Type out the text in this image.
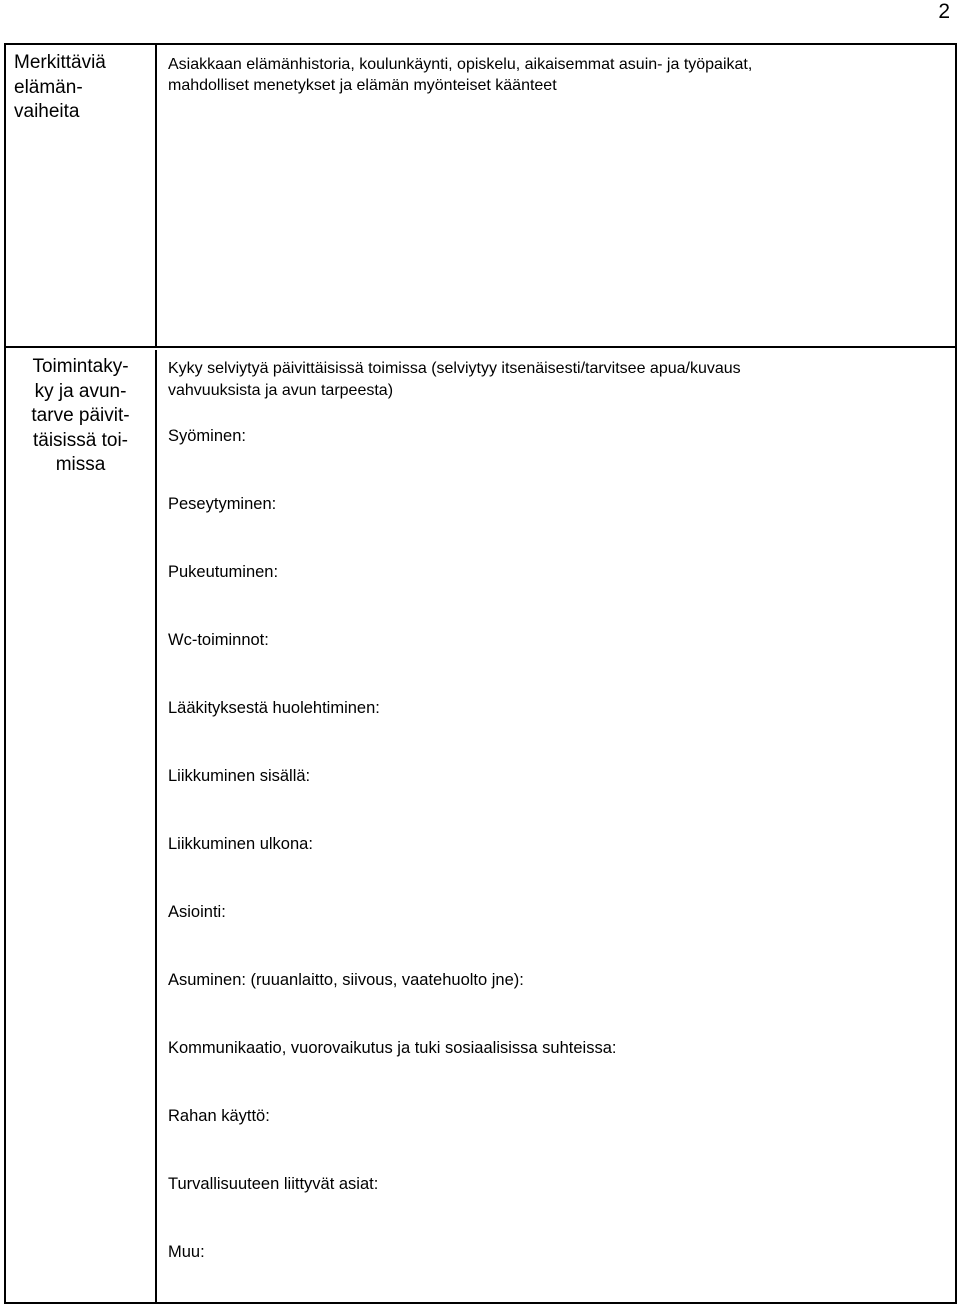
2
Merkittäviä
elämän-
vaiheita

Asiakkaan elämänhistoria, koulunkäynti, opiskelu, aikaisemmat asuin- ja työpaikat,

mahdolliset menetykset ja elämän myönteiset käänteet

Toimintaky-
ky ja avun-
tarve päivit-
täisissä toi-
missa

Kyky selviytyä päivittäisissä toimissa (selviytyy itsenäisesti/tarvitsee apua/kuvaus

vahvuuksista ja avun tarpeesta)

Syöminen:

Peseytyminen:

Pukeutuminen:

Wc-toiminnot:

Lääkityksestä huolehtiminen:

Liikkuminen sisällä:

Liikkuminen ulkona:

Asiointi:

Asuminen: (ruuanlaitto, siivous, vaatehuolto jne):

Kommunikaatio, vuorovaikutus ja tuki sosiaalisissa suhteissa:

Rahan käyttö:

Turvallisuuteen liittyvät asiat:

Muu:
